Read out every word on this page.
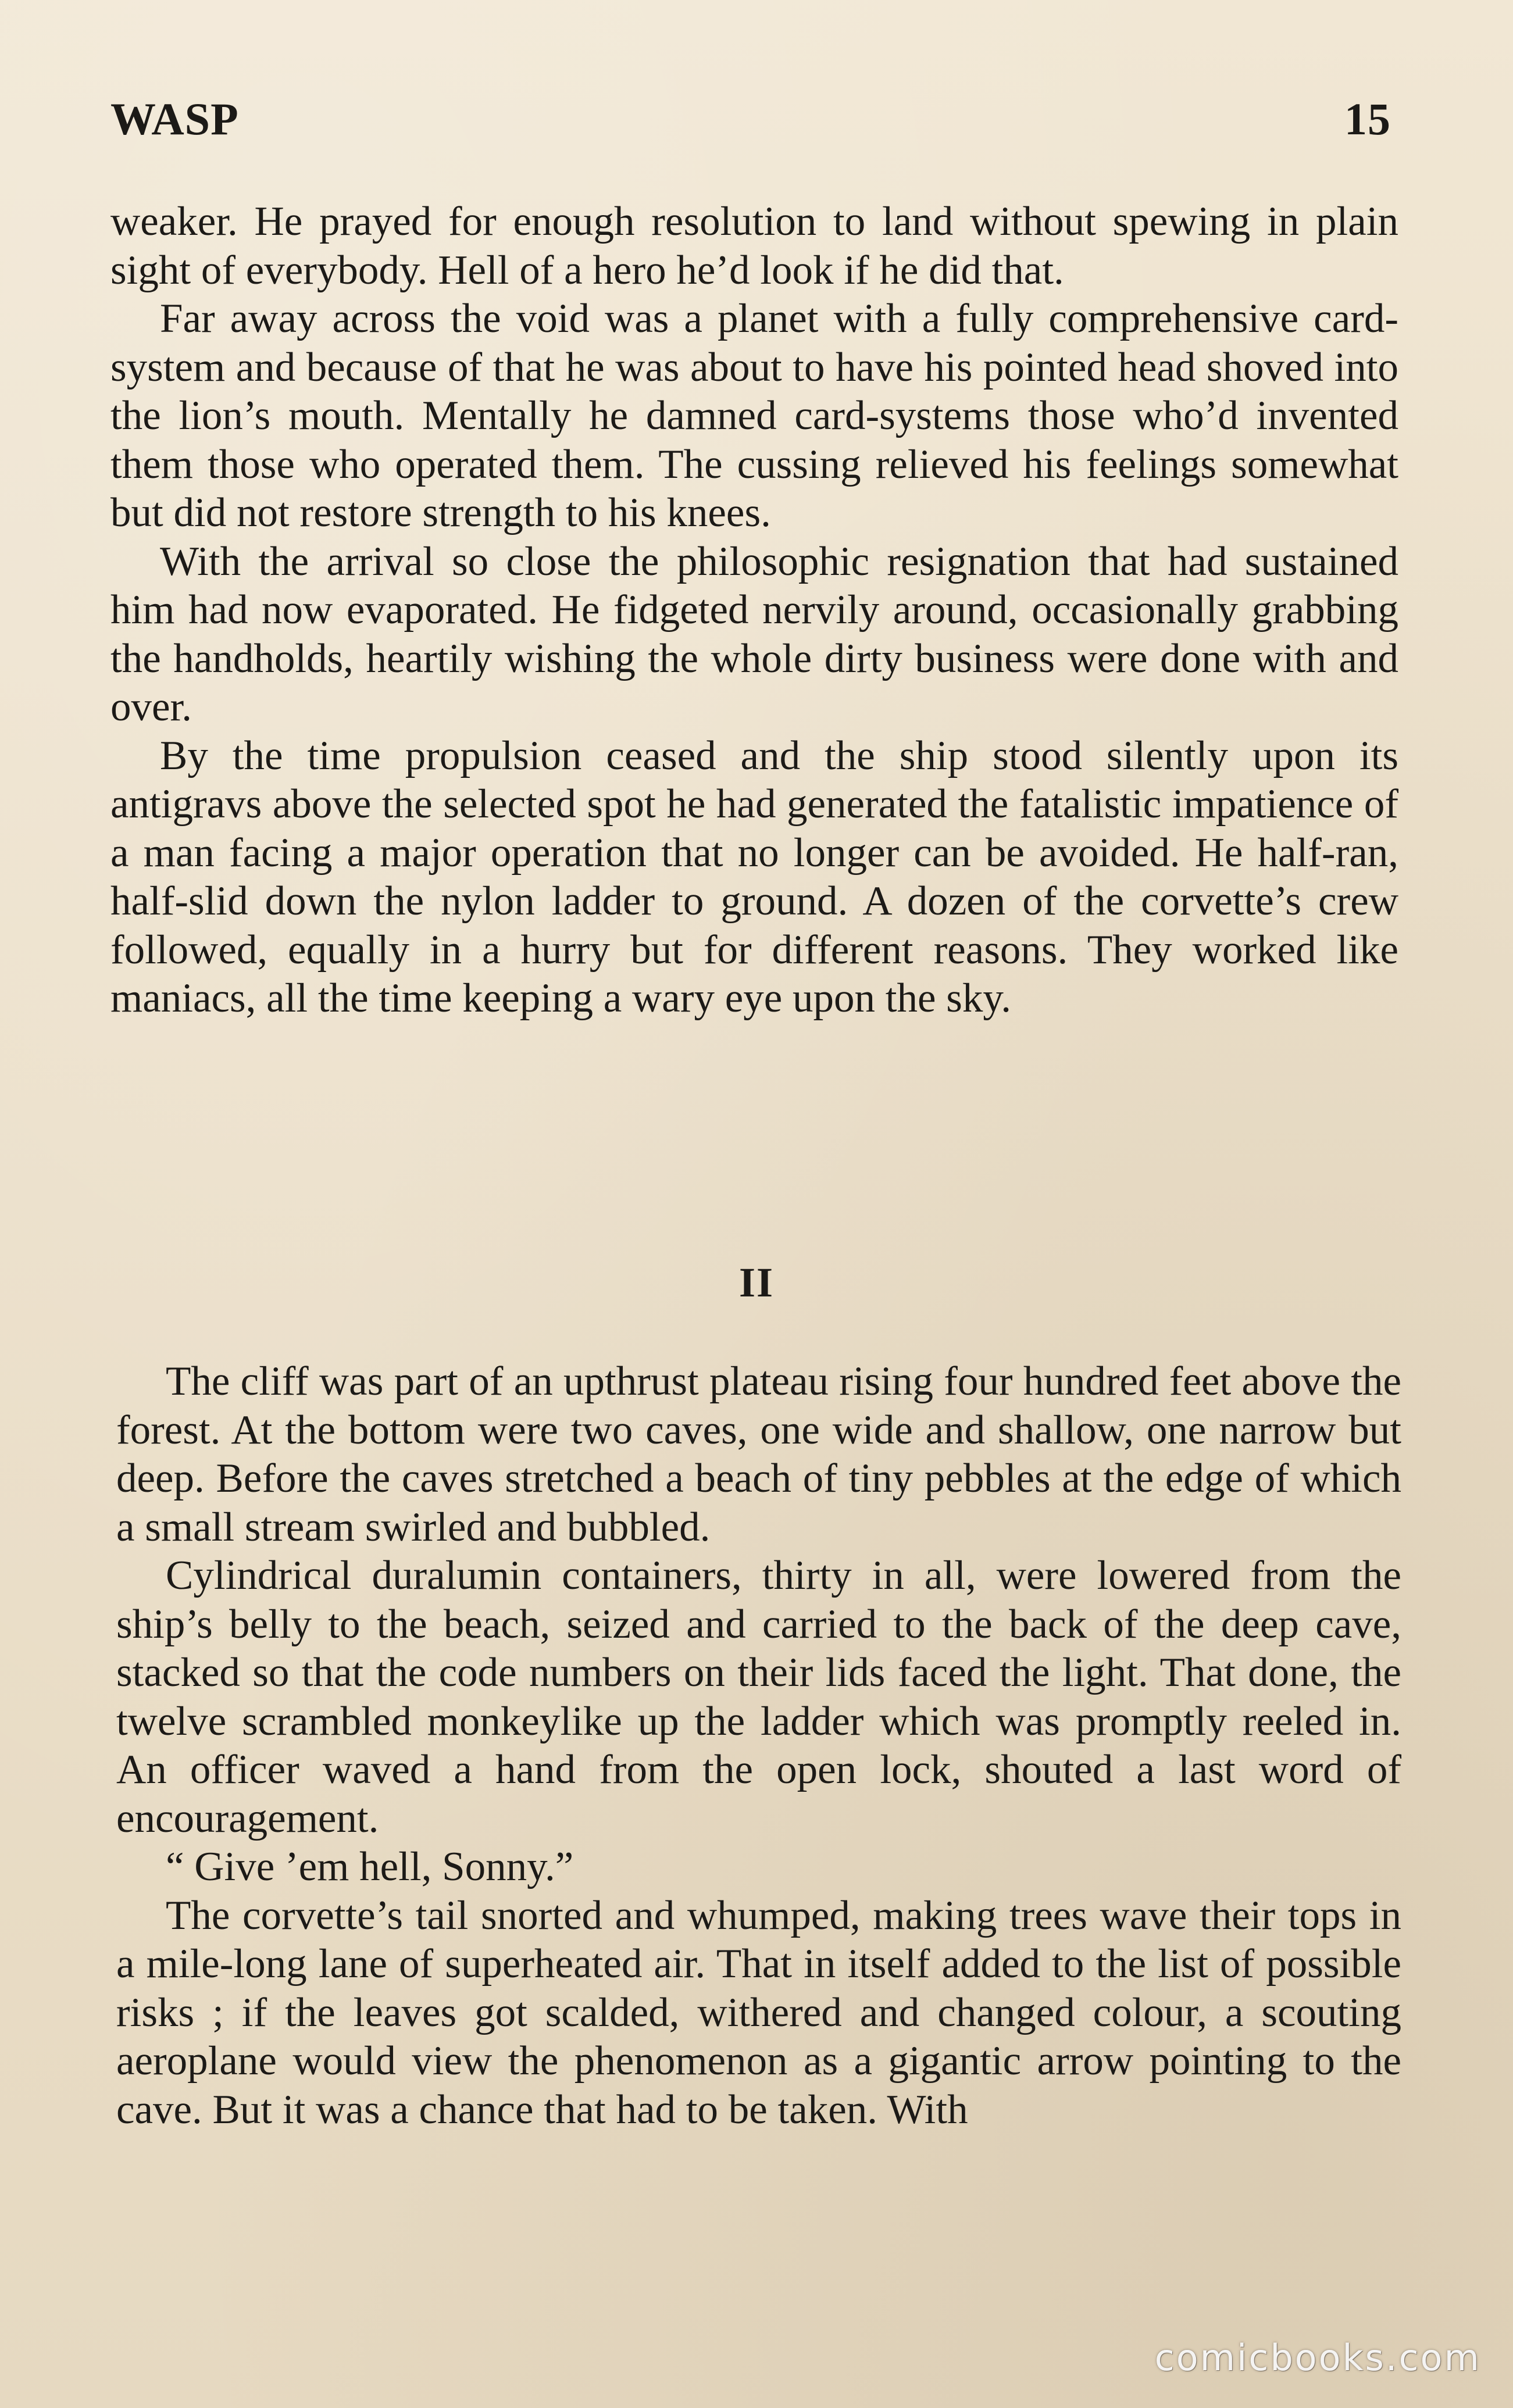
WASP	15

weaker. He prayed for enough resolution to land without spewing in plain sight of everybody. Hell of a hero he’d look if he did that.

Far away across the void was a planet with a fully comprehensive card-system and because of that he was about to have his pointed head shoved into the lion’s mouth. Mentally he damned card-systems those who’d invented them those who operated them. The cussing relieved his feelings somewhat but did not restore strength to his knees.

With the arrival so close the philosophic resignation that had sustained him had now evaporated. He fidgeted nervily around, occasionally grabbing the handholds, heartily wishing the whole dirty business were done with and over.

By the time propulsion ceased and the ship stood silently upon its antigravs above the selected spot he had generated the fatalistic impatience of a man facing a major operation that no longer can be avoided. He half-ran, half-slid down the nylon ladder to ground. A dozen of the corvette’s crew followed, equally in a hurry but for different reasons. They worked like maniacs, all the time keeping a wary eye upon the sky.

II

The cliff was part of an upthrust plateau rising four hundred feet above the forest. At the bottom were two caves, one wide and shallow, one narrow but deep. Before the caves stretched a beach of tiny pebbles at the edge of which a small stream swirled and bubbled.

Cylindrical duralumin containers, thirty in all, were lowered from the ship’s belly to the beach, seized and carried to the back of the deep cave, stacked so that the code numbers on their lids faced the light. That done, the twelve scrambled monkeylike up the ladder which was promptly reeled in. An officer waved a hand from the open lock, shouted a last word of encouragement.

“ Give ’em hell, Sonny.”

The corvette’s tail snorted and whumped, making trees wave their tops in a mile-long lane of superheated air. That in itself added to the list of possible risks ; if the leaves got scalded, withered and changed colour, a scouting aeroplane would view the phenomenon as a gigantic arrow pointing to the cave. But it was a chance that had to be taken. With

comicbooks.com
